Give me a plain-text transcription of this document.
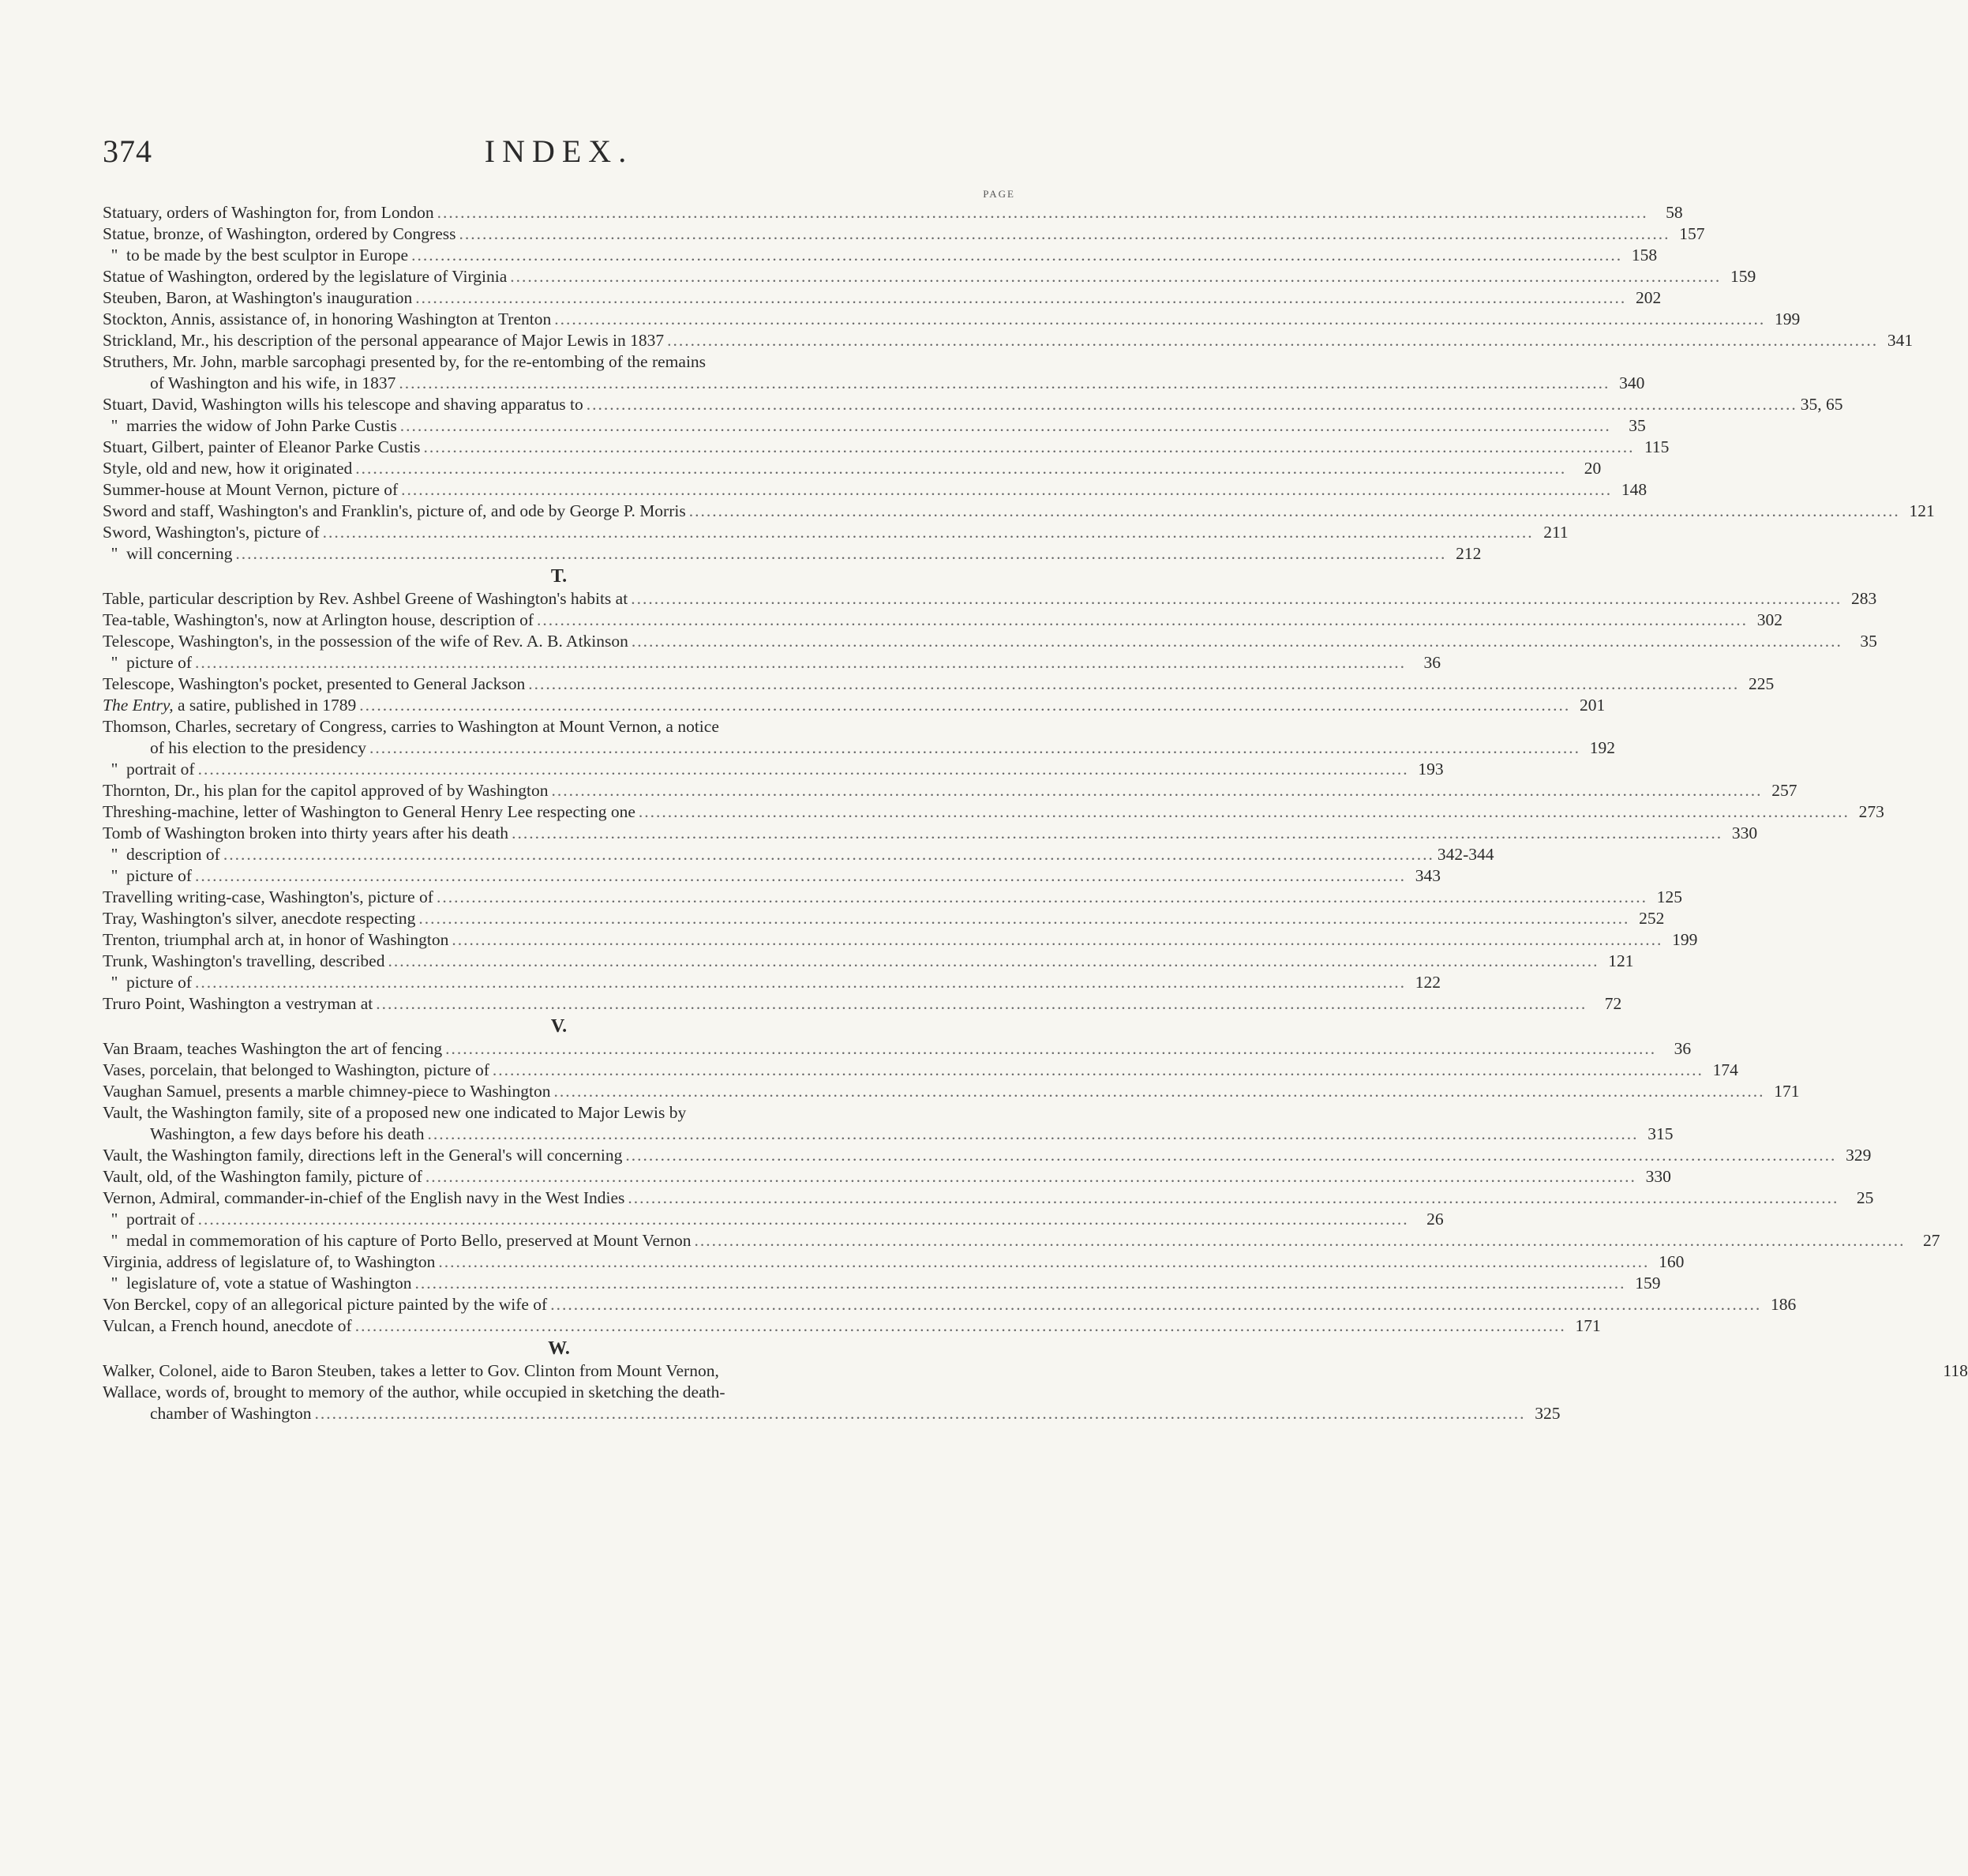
374	INDEX.
PAGE
Statuary, orders of Washington for, from London .....	58
Statue, bronze, of Washington, ordered by Congress .....	157
" to be made by the best sculptor in Europe .....	158
Statue of Washington, ordered by the legislature of Virginia .....	159
Steuben, Baron, at Washington's inauguration .....	202
Stockton, Annis, assistance of, in honoring Washington at Trenton .....	199
Strickland, Mr., his description of the personal appearance of Major Lewis in 1837 .....	341
Struthers, Mr. John, marble sarcophagi presented by, for the re-entombing of the remains
of Washington and his wife, in 1837 .....	340
Stuart, David, Washington wills his telescope and shaving apparatus to .....	35, 65
" marries the widow of John Parke Custis .....	35
Stuart, Gilbert, painter of Eleanor Parke Custis .....	115
Style, old and new, how it originated .....	20
Summer-house at Mount Vernon, picture of .....	148
Sword and staff, Washington's and Franklin's, picture of, and ode by George P. Morris .....	121
Sword, Washington's, picture of .....	211
" will concerning .....	212
T.
Table, particular description by Rev. Ashbel Greene of Washington's habits at .....	283
Tea-table, Washington's, now at Arlington house, description of .....	302
Telescope, Washington's, in the possession of the wife of Rev. A. B. Atkinson .....	35
" picture of .....	36
Telescope, Washington's pocket, presented to General Jackson .....	225
The Entry, a satire, published in 1789 .....	201
Thomson, Charles, secretary of Congress, carries to Washington at Mount Vernon, a notice
of his election to the presidency .....	192
" portrait of .....	193
Thornton, Dr., his plan for the capitol approved of by Washington .....	257
Threshing-machine, letter of Washington to General Henry Lee respecting one .....	273
Tomb of Washington broken into thirty years after his death .....	330
" description of .....	342-344
" picture of .....	343
Travelling writing-case, Washington's, picture of .....	125
Tray, Washington's silver, anecdote respecting .....	252
Trenton, triumphal arch at, in honor of Washington .....	199
Trunk, Washington's travelling, described .....	121
" picture of .....	122
Truro Point, Washington a vestryman at .....	72
V.
Van Braam, teaches Washington the art of fencing .....	36
Vases, porcelain, that belonged to Washington, picture of .....	174
Vaughan Samuel, presents a marble chimney-piece to Washington .....	171
Vault, the Washington family, site of a proposed new one indicated to Major Lewis by
Washington, a few days before his death .....	315
Vault, the Washington family, directions left in the General's will concerning .....	329
Vault, old, of the Washington family, picture of .....	330
Vernon, Admiral, commander-in-chief of the English navy in the West Indies .....	25
" portrait of .....	26
" medal in commemoration of his capture of Porto Bello, preserved at Mount Vernon .....	27
Virginia, address of legislature of, to Washington .....	160
" legislature of, vote a statue of Washington .....	159
Von Berckel, copy of an allegorical picture painted by the wife of .....	186
Vulcan, a French hound, anecdote of .....	171
W.
Walker, Colonel, aide to Baron Steuben, takes a letter to Gov. Clinton from Mount Vernon,	118
Wallace, words of, brought to memory of the author, while occupied in sketching the death-
chamber of Washington .....	325
